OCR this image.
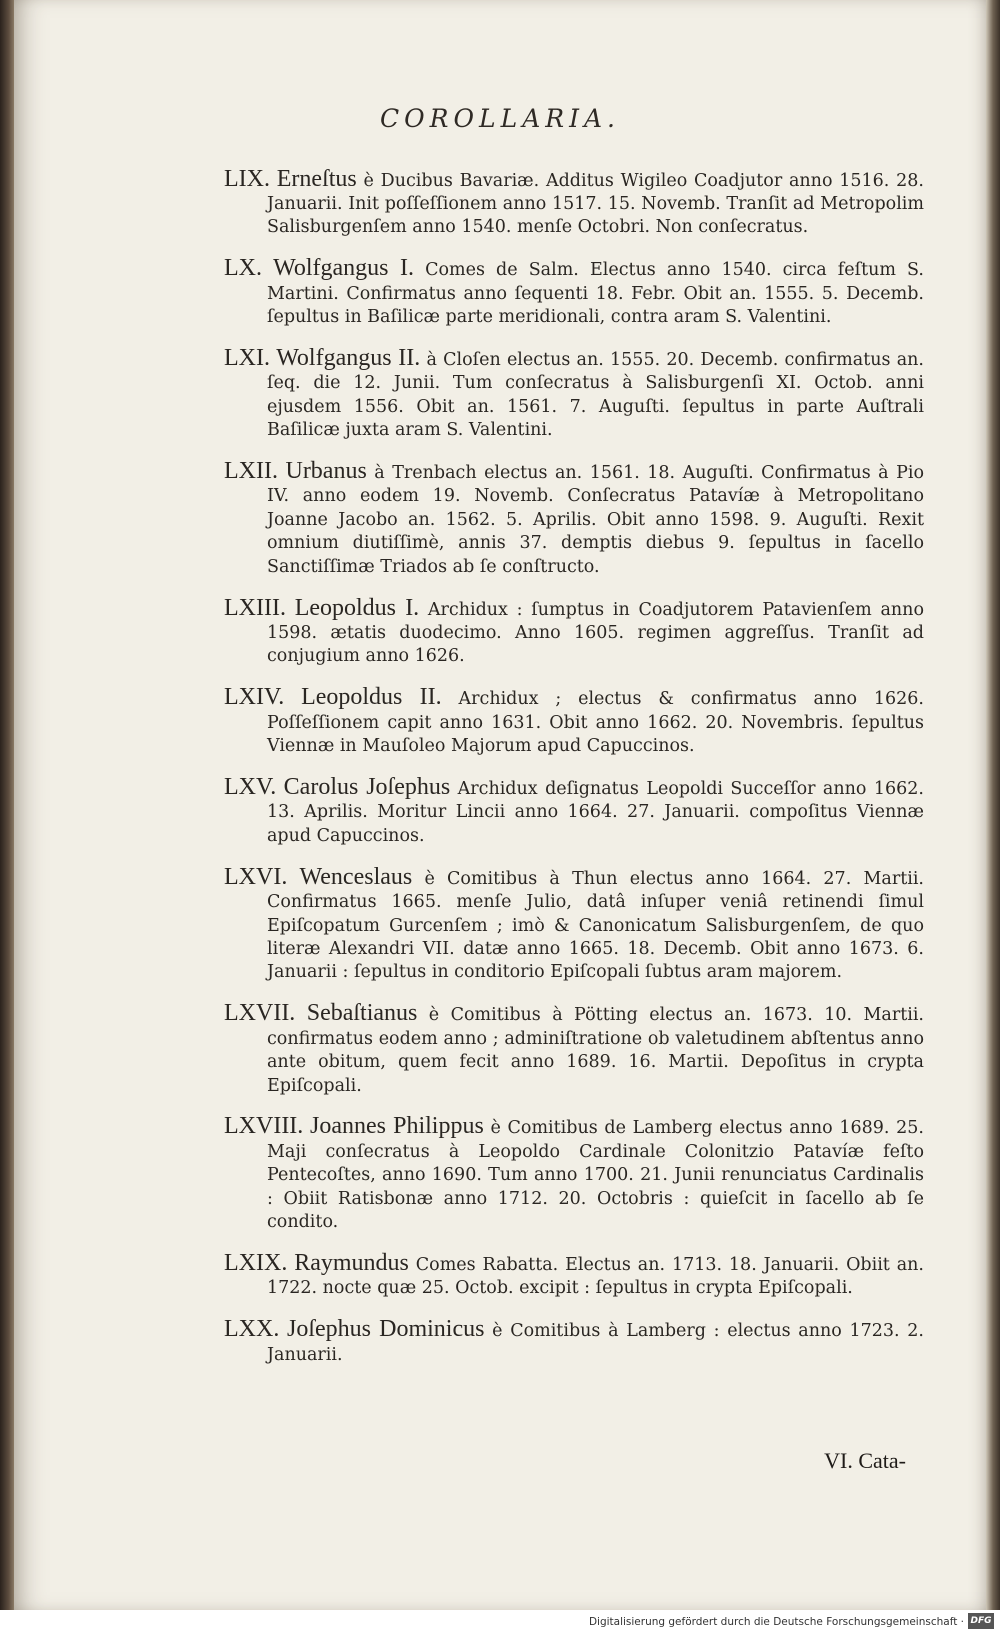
COROLLARIA.

LIX. Erneſtus è Ducibus Bavariæ. Additus Wigileo Coadjutor anno 1516. 28. Januarii. Init poſſeſſionem anno 1517. 15. Novemb. Tranſit ad Metropolim Salisburgenſem anno 1540. menſe Octobri. Non conſecratus.

LX. Wolfgangus I. Comes de Salm. Electus anno 1540. circa feſtum S. Martini. Confirmatus anno ſequenti 18. Febr. Obit an. 1555. 5. Decemb. ſepultus in Baſilicæ parte meridionali, contra aram S. Valentini.

LXI. Wolfgangus II. à Cloſen electus an. 1555. 20. Decemb. confirmatus an. ſeq. die 12. Junii. Tum conſecratus à Salisburgenſi XI. Octob. anni ejusdem 1556. Obit an. 1561. 7. Auguſti. ſepultus in parte Auſtrali Baſilicæ juxta aram S. Valentini.

LXII. Urbanus à Trenbach electus an. 1561. 18. Auguſti. Confirmatus à Pio IV. anno eodem 19. Novemb. Conſecratus Patavíæ à Metropolitano Joanne Jacobo an. 1562. 5. Aprilis. Obit anno 1598. 9. Auguſti. Rexit omnium diutiſſimè, annis 37. demptis diebus 9. ſepultus in ſacello Sanctiſſimæ Triados ab ſe conſtructo.

LXIII. Leopoldus I. Archidux : ſumptus in Coadjutorem Patavienſem anno 1598. ætatis duodecimo. Anno 1605. regimen aggreſſus. Tranſit ad conjugium anno 1626.

LXIV. Leopoldus II. Archidux ; electus & confirmatus anno 1626. Poſſeſſionem capit anno 1631. Obit anno 1662. 20. Novembris. ſepultus Viennæ in Mauſoleo Majorum apud Capuccinos.

LXV. Carolus Joſephus Archidux deſignatus Leopoldi Succeſſor anno 1662. 13. Aprilis. Moritur Lincii anno 1664. 27. Januarii. compoſitus Viennæ apud Capuccinos.

LXVI. Wenceslaus è Comitibus à Thun electus anno 1664. 27. Martii. Confirmatus 1665. menſe Julio, datâ inſuper veniâ retinendi ſimul Epiſcopatum Gurcenſem ; imò & Canonicatum Salisburgenſem, de quo literæ Alexandri VII. datæ anno 1665. 18. Decemb. Obit anno 1673. 6. Januarii : ſepultus in conditorio Epiſcopali ſubtus aram majorem.

LXVII. Sebaſtianus è Comitibus à Pötting electus an. 1673. 10. Martii. confirmatus eodem anno ; adminiſtratione ob valetudinem abſtentus anno ante obitum, quem fecit anno 1689. 16. Martii. Depoſitus in crypta Epiſcopali.

LXVIII. Joannes Philippus è Comitibus de Lamberg electus anno 1689. 25. Maji conſecratus à Leopoldo Cardinale Colonitzio Patavíæ feſto Pentecoſtes, anno 1690. Tum anno 1700. 21. Junii renunciatus Cardinalis : Obiit Ratisbonæ anno 1712. 20. Octobris : quieſcit in ſacello ab ſe condito.

LXIX. Raymundus Comes Rabatta. Electus an. 1713. 18. Januarii. Obiit an. 1722. nocte quæ 25. Octob. excipit : ſepultus in crypta Epiſcopali.

LXX. Joſephus Dominicus è Comitibus à Lamberg : electus anno 1723. 2. Januarii.

VI. Cata-
Digitalisierung gefördert durch die Deutsche Forschungsgemeinschaft · DFG
